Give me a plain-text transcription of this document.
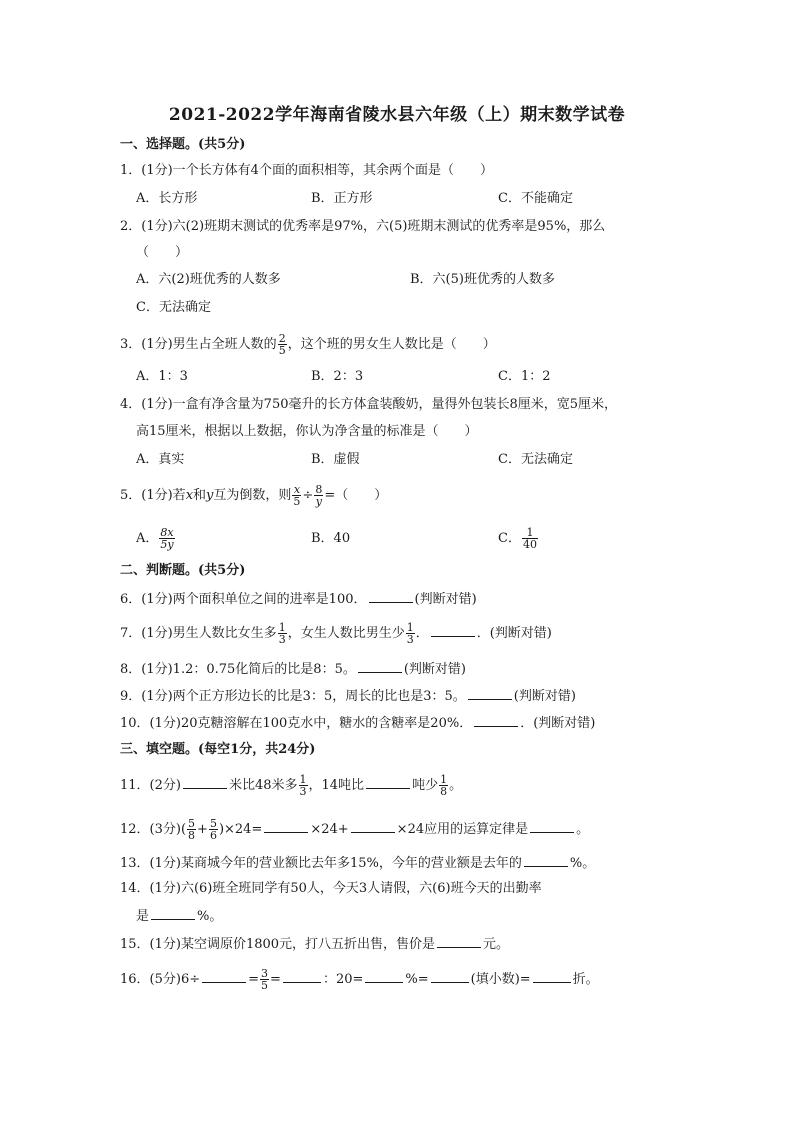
2021-2022学年海南省陵水县六年级（上）期末数学试卷
一、选择题。(共5分)
1．(1分)一个长方体有4个面的面积相等，其余两个面是（　　）
A．长方形	B．正方形	C．不能确定
2．(1分)六(2)班期末测试的优秀率是97%，六(5)班期末测试的优秀率是95%，那么
（　　）
A．六(2)班优秀的人数多	B．六(5)班优秀的人数多
C．无法确定
3．(1分)男生占全班人数的 $\frac{2}{5}$ ，这个班的男女生人数比是（　　）
A．1：3	B．2：3	C．1：2
4．(1分)一盒有净含量为750毫升的长方体盒装酸奶，量得外包装长8厘米，宽5厘米，
高15厘米，根据以上数据，你认为净含量的标准是（　　）
A．真实	B．虚假	C．无法确定
5．(1分)若x和y互为倒数，则 $\frac{x}{5} \div \frac{8}{y}$ =（　　）
A． $\frac{8x}{5y}$	B．40	C． $\frac{1}{40}$
二、判断题。(共5分)
6．(1分)两个面积单位之间的进率是100．	(判断对错)
7．(1分)男生人数比女生多 $\frac{1}{3}$ ，女生人数比男生少 $\frac{1}{3}$ ．	．(判断对错)
8．(1分)1.2：0.75化简后的比是8：5。	(判断对错)
9．(1分)两个正方形边长的比是3：5，周长的比也是3：5。	(判断对错)
10．(1分)20克糖溶解在100克水中，糖水的含糖率是20%．	．(判断对错)
三、填空题。(每空1分，共24分)
11．(2分)	米比48米多 $\frac{1}{3}$ ，14吨比	吨少 $\frac{1}{8}$ 。
12．(3分)( $\frac{5}{8} + \frac{5}{6} )\times 24=$	×24+	×24应用的运算定律是	。
13．(1分)某商城今年的营业额比去年多15%，今年的营业额是去年的	%。
14．(1分)六(6)班全班同学有50人，今天3人请假，六(6)班今天的出勤率
是	%。
15．(1分)某空调原价1800元，打八五折出售，售价是	元。
16．(5分)6÷	= $\frac{3}{5}$ =	：20=	%=	(填小数)=	折。
